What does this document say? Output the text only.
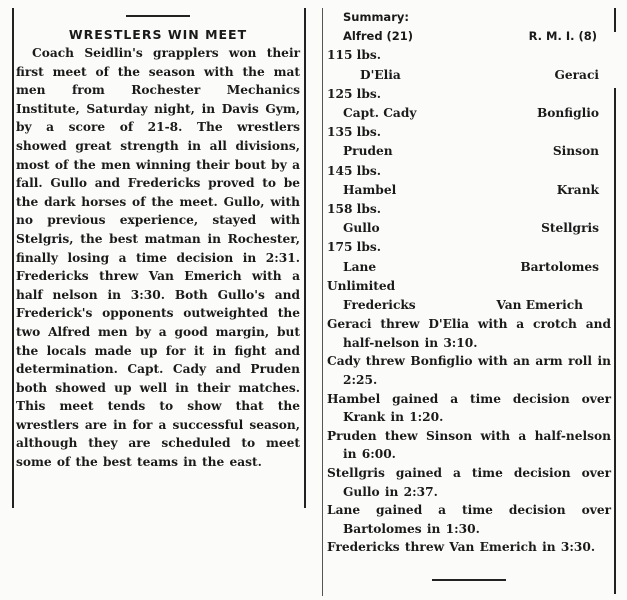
WRESTLERS WIN MEET

Coach Seidlin's grapplers won their first meet of the season with the mat men from Rochester Mechanics Institute, Saturday night, in Davis Gym, by a score of 21-8. The wrestlers showed great strength in all divisions, most of the men winning their bout by a fall. Gullo and Fredericks proved to be the dark horses of the meet. Gullo, with no previous experience, stayed with Stelgris, the best matman in Rochester, finally losing a time decision in 2:31. Fredericks threw Van Emerich with a half nelson in 3:30. Both Gullo's and Frederick's opponents outweighted the two Alfred men by a good margin, but the locals made up for it in fight and determination. Capt. Cady and Pruden both showed up well in their matches. This meet tends to show that the wrestlers are in for a successful season, although they are scheduled to meet some of the best teams in the east.

Summary:
Alfred (21)	R. M. I. (8)
115 lbs.
D'Elia	Geraci
125 lbs.
Capt. Cady	Bonfiglio
135 lbs.
Pruden	Sinson
145 lbs.
Hambel	Krank
158 lbs.
Gullo	Stellgris
175 lbs.
Lane	Bartolomes
Unlimited
Fredericks	Van Emerich
Geraci threw D'Elia with a crotch and half-nelson in 3:10.
Cady threw Bonfiglio with an arm roll in 2:25.
Hambel gained a time decision over Krank in 1:20.
Pruden thew Sinson with a half-nelson in 6:00.
Stellgris gained a time decision over Gullo in 2:37.
Lane gained a time decision over Bartolomes in 1:30.
Fredericks threw Van Emerich in 3:30.
